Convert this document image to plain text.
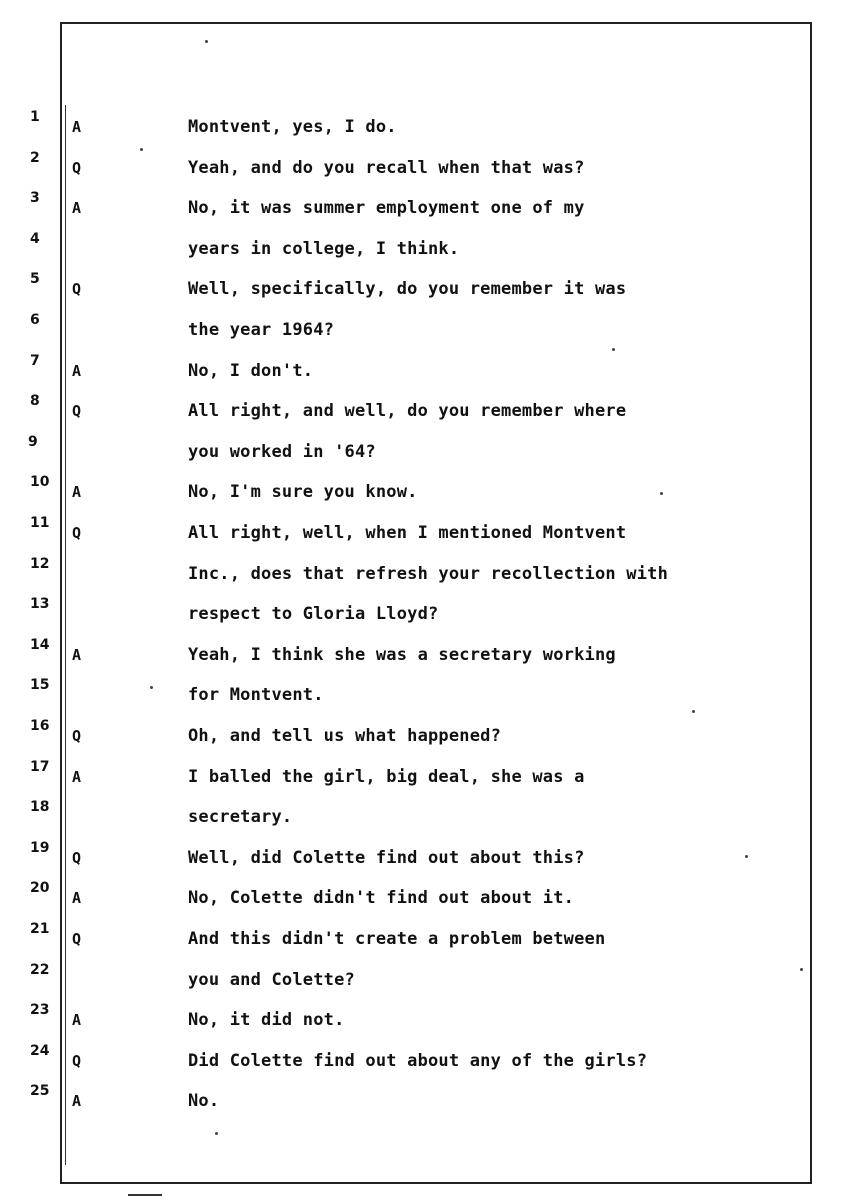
1
A	Montvent, yes, I do.
2
Q	Yeah, and do you recall when that was?
3
A	No, it was summer employment one of my
4	years in college, I think.
5
Q	Well, specifically, do you remember it was
6	the year 1964?
7
A	No, I don't.
8
Q	All right, and well, do you remember where
9	you worked in '64?
10
A	No, I'm sure you know.
11
Q	All right, well, when I mentioned Montvent
12	Inc., does that refresh your recollection with
13	respect to Gloria Lloyd?
14
A	Yeah, I think she was a secretary working
15	for Montvent.
16
Q	Oh, and tell us what happened?
17
A	I balled the girl, big deal, she was a
18	secretary.
19
Q	Well, did Colette find out about this?
20
A	No, Colette didn't find out about it.
21
Q	And this didn't create a problem between
22	you and Colette?
23
A	No, it did not.
24
Q	Did Colette find out about any of the girls?
25
A	No.
